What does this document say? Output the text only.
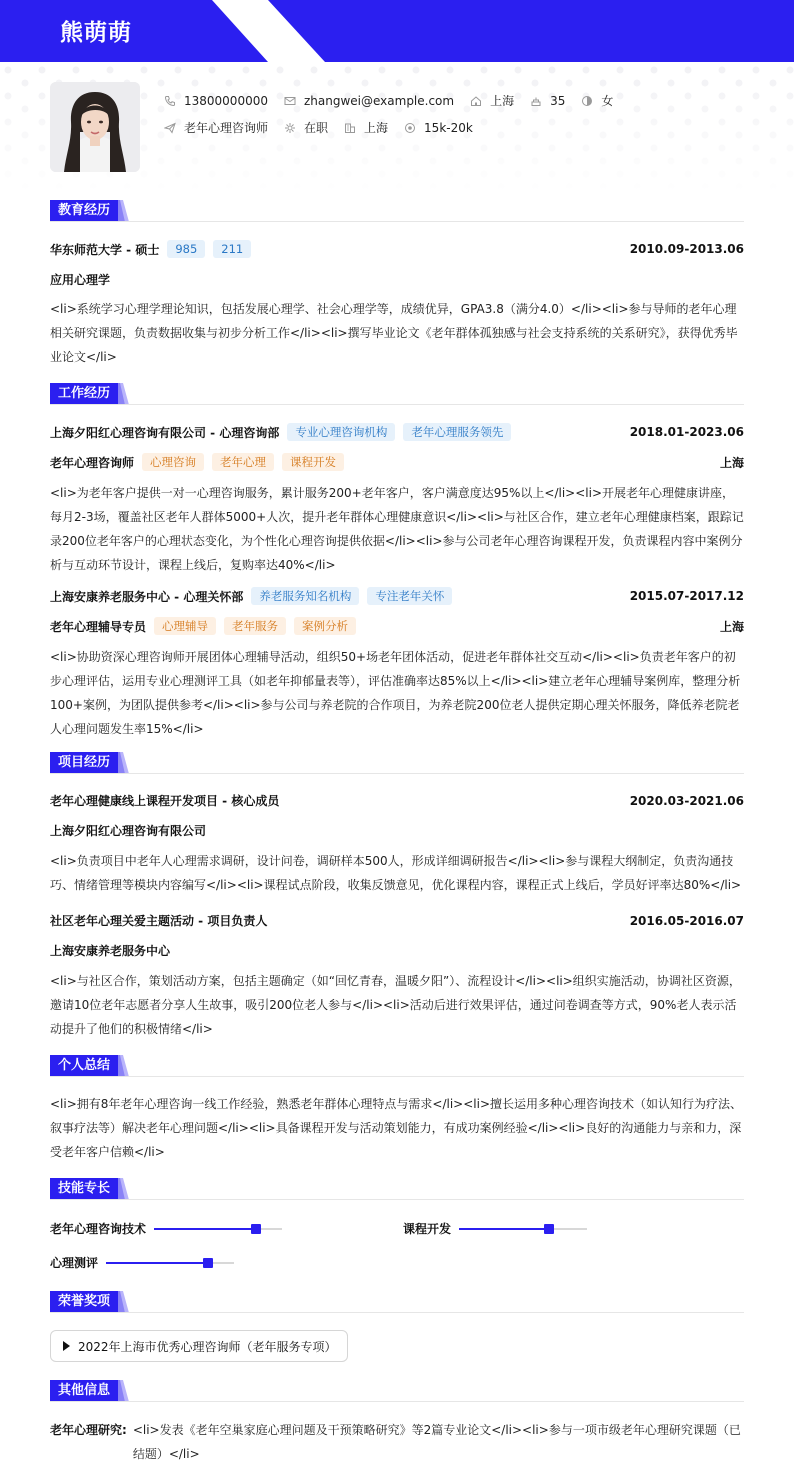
熊萌萌
13800000000	zhangwei@example.com	上海	35	女
老年心理咨询师	在职	上海	15k-20k
教育经历
华东师范大学 - 硕士	985	211	2010.09-2013.06
应用心理学
<li>系统学习心理学理论知识，包括发展心理学、社会心理学等，成绩优异，GPA3.8（满分4.0）</li><li>参与导师的老年心理相关研究课题，负责数据收集与初步分析工作</li><li>撰写毕业论文《老年群体孤独感与社会支持系统的关系研究》，获得优秀毕业论文</li>
工作经历
上海夕阳红心理咨询有限公司 - 心理咨询部	专业心理咨询机构	老年心理服务领先	2018.01-2023.06
老年心理咨询师	心理咨询	老年心理	课程开发	上海
<li>为老年客户提供一对一心理咨询服务，累计服务200+老年客户，客户满意度达95%以上</li><li>开展老年心理健康讲座，每月2-3场，覆盖社区老年人群体5000+人次，提升老年群体心理健康意识</li><li>与社区合作，建立老年心理健康档案，跟踪记录200位老年客户的心理状态变化，为个性化心理咨询提供依据</li><li>参与公司老年心理咨询课程开发，负责课程内容中案例分析与互动环节设计，课程上线后，复购率达40%</li>
上海安康养老服务中心 - 心理关怀部	养老服务知名机构	专注老年关怀	2015.07-2017.12
老年心理辅导专员	心理辅导	老年服务	案例分析	上海
<li>协助资深心理咨询师开展团体心理辅导活动，组织50+场老年团体活动，促进老年群体社交互动</li><li>负责老年客户的初步心理评估，运用专业心理测评工具（如老年抑郁量表等），评估准确率达85%以上</li><li>建立老年心理辅导案例库，整理分析100+案例，为团队提供参考</li><li>参与公司与养老院的合作项目，为养老院200位老人提供定期心理关怀服务，降低养老院老人心理问题发生率15%</li>
项目经历
老年心理健康线上课程开发项目 - 核心成员	2020.03-2021.06
上海夕阳红心理咨询有限公司
<li>负责项目中老年人心理需求调研，设计问卷，调研样本500人，形成详细调研报告</li><li>参与课程大纲制定，负责沟通技巧、情绪管理等模块内容编写</li><li>课程试点阶段，收集反馈意见，优化课程内容，课程正式上线后，学员好评率达80%</li>
社区老年心理关爱主题活动 - 项目负责人	2016.05-2016.07
上海安康养老服务中心
<li>与社区合作，策划活动方案，包括主题确定（如“回忆青春，温暖夕阳”）、流程设计</li><li>组织实施活动，协调社区资源，邀请10位老年志愿者分享人生故事，吸引200位老人参与</li><li>活动后进行效果评估，通过问卷调查等方式，90%老人表示活动提升了他们的积极情绪</li>
个人总结
<li>拥有8年老年心理咨询一线工作经验，熟悉老年群体心理特点与需求</li><li>擅长运用多种心理咨询技术（如认知行为疗法、叙事疗法等）解决老年心理问题</li><li>具备课程开发与活动策划能力，有成功案例经验</li><li>良好的沟通能力与亲和力，深受老年客户信赖</li>
技能专长
老年心理咨询技术	课程开发
心理测评
荣誉奖项
2022年上海市优秀心理咨询师（老年服务专项）
其他信息
老年心理研究: <li>发表《老年空巢家庭心理问题及干预策略研究》等2篇专业论文</li><li>参与一项市级老年心理研究课题（已结题）</li>
